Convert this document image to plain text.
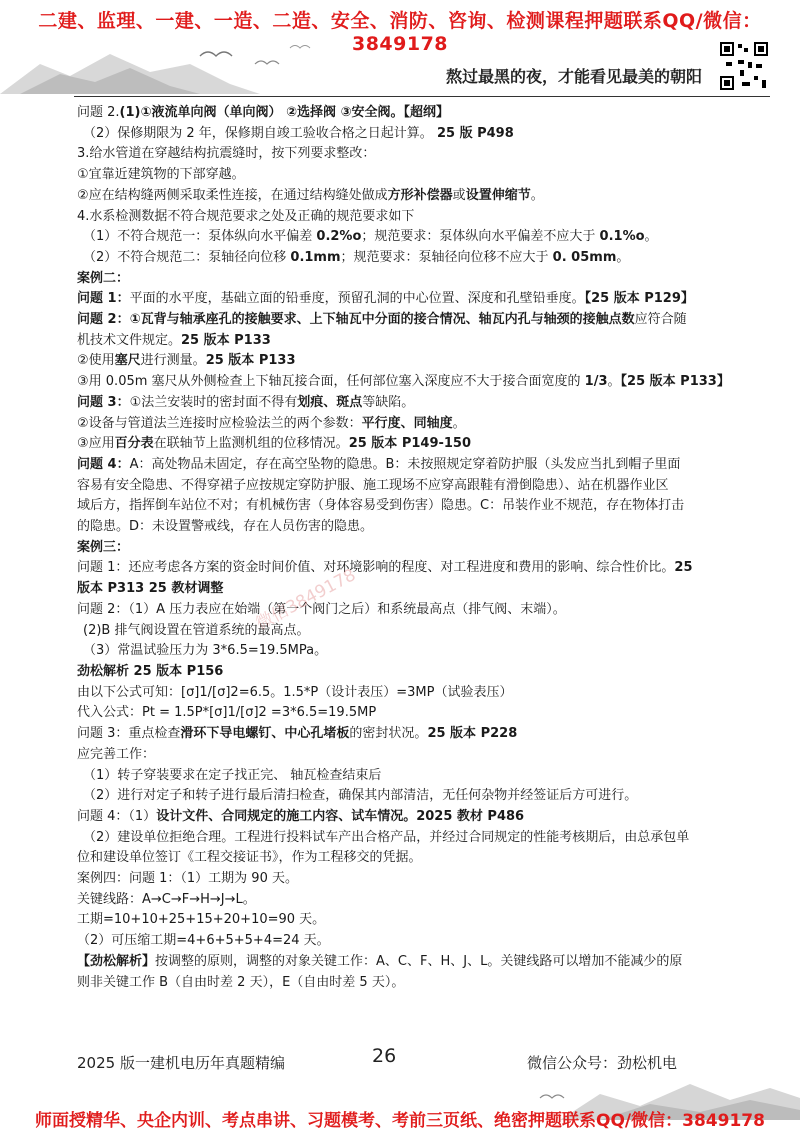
二建、监理、一建、一造、二造、安全、消防、咨询、检测课程押题联系QQ/微信：3849178
熬过最黑的夜，才能看见最美的朝阳
问题 2.(1)①液流单向阀（单向阀） ②选择阀 ③安全阀。【超纲】
（2）保修期限为 2 年，保修期自竣工验收合格之日起计算。 25 版 P498
3.给水管道在穿越结构抗震缝时，按下列要求整改：
①宜靠近建筑物的下部穿越。
②应在结构缝两侧采取柔性连接，在通过结构缝处做成方形补偿器或设置伸缩节。
4.水系检测数据不符合规范要求之处及正确的规范要求如下
（1）不符合规范一：泵体纵向水平偏差 0.2%o；规范要求：泵体纵向水平偏差不应大于 0.1%o。
（2）不符合规范二：泵轴径向位移 0.1mm；规范要求：泵轴径向位移不应大于 0. 05mm。
案例二：
问题 1：平面的水平度，基础立面的铅垂度，预留孔洞的中心位置、深度和孔壁铅垂度。【25 版本 P129】
问题 2：①瓦背与轴承座孔的接触要求、上下轴瓦中分面的接合情况、轴瓦内孔与轴颈的接触点数应符合随
机技术文件规定。25 版本 P133
②使用塞尺进行测量。25 版本 P133
③用 0.05m 塞尺从外侧检查上下轴瓦接合面，任何部位塞入深度应不大于接合面宽度的 1/3。【25 版本 P133】
问题 3：①法兰安装时的密封面不得有划痕、斑点等缺陷。
②设备与管道法兰连接时应检验法兰的两个参数：平行度、同轴度。
③应用百分表在联轴节上监测机组的位移情况。25 版本 P149-150
问题 4：A：高处物品未固定，存在高空坠物的隐患。B：未按照规定穿着防护服（头发应当扎到帽子里面
容易有安全隐患、不得穿裙子应按规定穿防护服、施工现场不应穿高跟鞋有滑倒隐患）、站在机器作业区
域后方，指挥倒车站位不对；有机械伤害（身体容易受到伤害）隐患。C：吊装作业不规范，存在物体打击
的隐患。D：未设置警戒线，存在人员伤害的隐患。
案例三：
问题 1：还应考虑各方案的资金时间价值、对环境影响的程度、对工程进度和费用的影响、综合性价比。25
版本 P313 25 教材调整
问题 2：（1）A 压力表应在始端（第一个阀门之后）和系统最高点（排气阀、末端）。
(2)B 排气阀设置在管道系统的最高点。
（3）常温试验压力为 3*6.5=19.5MPa。
劲松解析 25 版本 P156
由以下公式可知：[σ]1/[σ]2=6.5。1.5*P（设计表压）=3MP（试验表压）
代入公式：Pt = 1.5P*[σ]1/[σ]2 =3*6.5=19.5MP
问题 3：重点检查滑环下导电螺钉、中心孔堵板的密封状况。25 版本 P228
应完善工作：
（1）转子穿装要求在定子找正完、 轴瓦检查结束后
（2）进行对定子和转子进行最后清扫检查，确保其内部清洁，无任何杂物并经签证后方可进行。
问题 4：（1）设计文件、合同规定的施工内容、试车情况。2025 教材 P486
（2）建设单位拒绝合理。工程进行投料试车产出合格产品，并经过合同规定的性能考核期后，由总承包单
位和建设单位签订《工程交接证书》，作为工程移交的凭据。
案例四：问题 1：（1）工期为 90 天。
关键线路：A→C→F→H→J→L。
工期=10+10+25+15+20+10=90 天。
（2）可压缩工期=4+6+5+5+4=24 天。
【劲松解析】按调整的原则，调整的对象关键工作：A、C、F、H、J、L。关键线路可以增加不能减少的原
则非关键工作 B（自由时差 2 天），E（自由时差 5 天）。
微信3849178
2025 版一建机电历年真题精编	26	微信公众号：劲松机电
师面授精华、央企内训、考点串讲、习题模考、考前三页纸、绝密押题联系QQ/微信：3849178
